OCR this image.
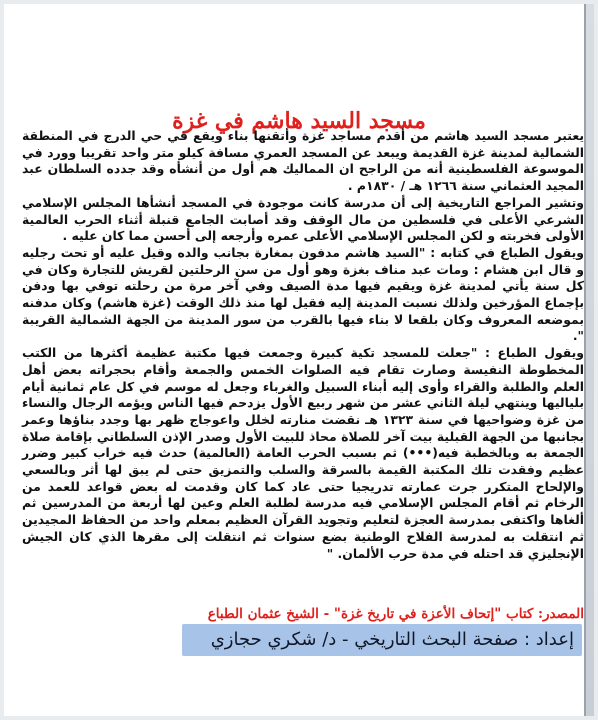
مسجد السيد هاشم في غزة

يعتبر مسجد السيد هاشم من أقدم مساجد غزة وأتقنها بناء ويقع في حي الدرج في المنطقة الشمالية لمدينة غزة القديمة ويبعد عن المسجد العمري مسافة كيلو متر واحد تقريبا وورد في الموسوعة الفلسطينية أنه من الراجح ان المماليك هم أول من أنشأه وقد جدده السلطان عبد المجيد العثماني سنة ١٢٦٦ هـ / ١٨٣٠م .

وتشير المراجع التاريخية إلى أن مدرسة كانت موجودة في المسجد أنشأها المجلس الإسلامي الشرعي الأعلى في فلسطين من مال الوقف وقد أصابت الجامع قنبلة أثناء الحرب العالمية الأولى فخربته و لكن المجلس الإسلامي الأعلى عمره وأرجعه إلى أحسن مما كان عليه .

ويقول الطباع في كتابه : "السيد هاشم مدفون بمغارة بجانب والده وقيل عليه أو تحت رجليه و قال ابن هشام : ومات عبد مناف بغزة وهو أول من سن الرحلتين لقريش للتجارة وكان في كل سنة يأتي لمدينة غزة ويقيم فيها مدة الصيف وفي آخر مرة من رحلته توفي بها ودفن بإجماع المؤرخين ولذلك نسبت المدينة إليه فقيل لها منذ ذلك الوقت (غزة هاشم) وكان مدفنه بموضعه المعروف وكان بلقعا لا بناء فيها بالقرب من سور المدينة من الجهة الشمالية القريبة ".

ويقول الطباع : "جعلت للمسجد تكية كبيرة وجمعت فيها مكتبة عظيمة أكثرها من الكتب المخطوطة النفيسة وصارت تقام فيه الصلوات الخمس والجمعة وأقام بحجراته بعض أهل العلم والطلبة والقراء وأوى إليه أبناء السبيل والغرباء وجعل له موسم في كل عام ثمانية أيام بلياليها وينتهي ليلة الثاني عشر من شهر ربيع الأول يزدحم فيها الناس ويؤمه الرجال والنساء من غزة وضواحيها في سنة ١٣٢٣ هـ نقضت منارته لخلل واعوجاج ظهر بها وجدد بناؤها وعمر بجانبها من الجهة القبلية بيت آخر للصلاة محاذ للبيت الأول وصدر الإذن السلطاني بإقامة صلاة الجمعة به وبالخطبة فيه(•••) ثم بسبب الحرب العامة (العالمية) حدث فيه خراب كبير وضرر عظيم وفقدت تلك المكتبة القيمة بالسرقة والسلب والتمزيق حتى لم يبق لها أثر وبالسعي والإلحاح المتكرر جرت عمارته تدريجيا حتى عاد كما كان وقدمت له بعض قواعد للعمد من الرخام ثم أقام المجلس الإسلامي فيه مدرسة لطلبة العلم وعين لها أربعة من المدرسين ثم ألغاها واكتفى بمدرسة العجزة لتعليم وتجويد القرآن العظيم بمعلم واحد من الحفاظ المجيدين ثم انتقلت به لمدرسة الفلاح الوطنية بضع سنوات ثم انتقلت إلى مقرها الذي كان الجيش الإنجليزي قد احتله في مدة حرب الألمان. "

المصدر: كتاب "إتحاف الأعزة في تاريخ غزة" - الشيخ عثمان الطباع
إعداد : صفحة البحث التاريخي - د/ شكري حجازي
